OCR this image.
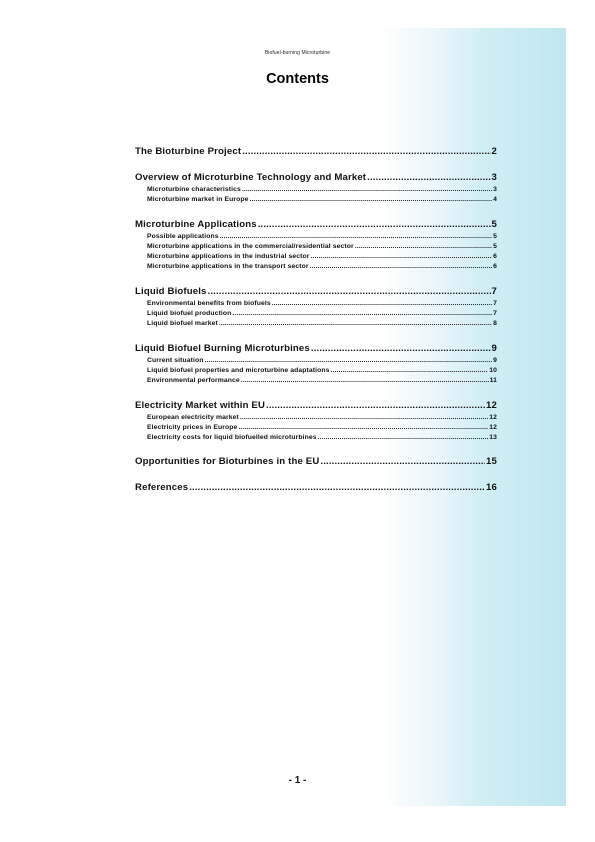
Biofuel-burning Microturbine
Contents
The Bioturbine Project .....	2
Overview of Microturbine Technology and Market .....	3
Microturbine characteristics .....	3
Microturbine market in Europe .....	4
Microturbine Applications .....	5
Possible applications .....	5
Microturbine applications in the commercial/residential sector .....	5
Microturbine applications in the industrial sector .....	6
Microturbine applications in the transport sector .....	6
Liquid Biofuels .....	7
Environmental benefits from biofuels .....	7
Liquid biofuel production .....	7
Liquid biofuel market .....	8
Liquid Biofuel Burning Microturbines .....	9
Current situation .....	9
Liquid biofuel properties and microturbine adaptations .....	10
Environmental performance .....	11
Electricity Market within EU .....	12
European electricity market .....	12
Electricity prices in Europe .....	12
Electricity costs for liquid biofuelled microturbines .....	13
Opportunities for Bioturbines in the EU .....	15
References .....	16
- 1 -
